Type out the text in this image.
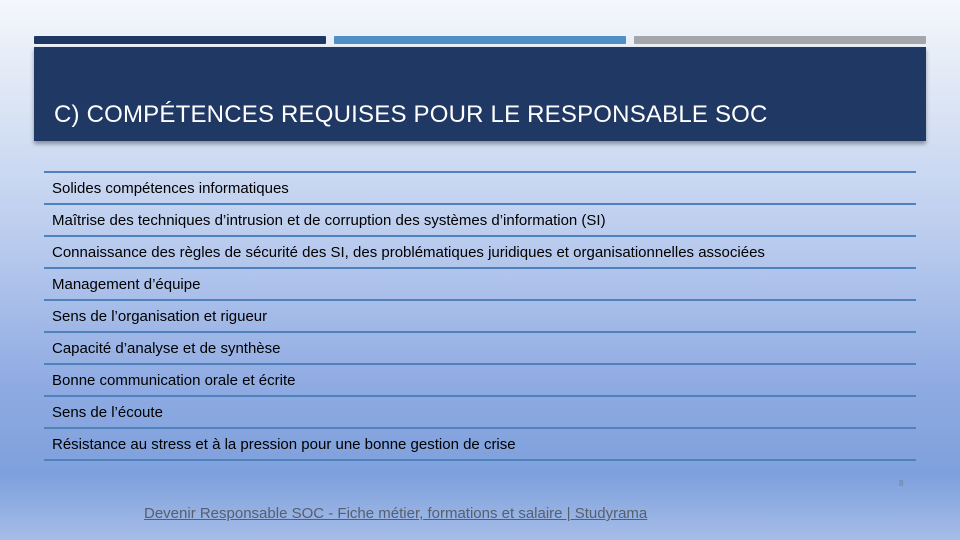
C) COMPÉTENCES REQUISES POUR LE RESPONSABLE SOC
Solides compétences informatiques
Maîtrise des techniques d’intrusion et de corruption des systèmes d’information (SI)
Connaissance des règles de sécurité des SI, des problématiques juridiques et organisationnelles associées
Management d’équipe
Sens de l’organisation et rigueur
Capacité d’analyse et de synthèse
Bonne communication orale et écrite
Sens de l’écoute
Résistance au stress et à la pression pour une bonne gestion de crise
8
Devenir Responsable SOC - Fiche métier, formations et salaire | Studyrama
